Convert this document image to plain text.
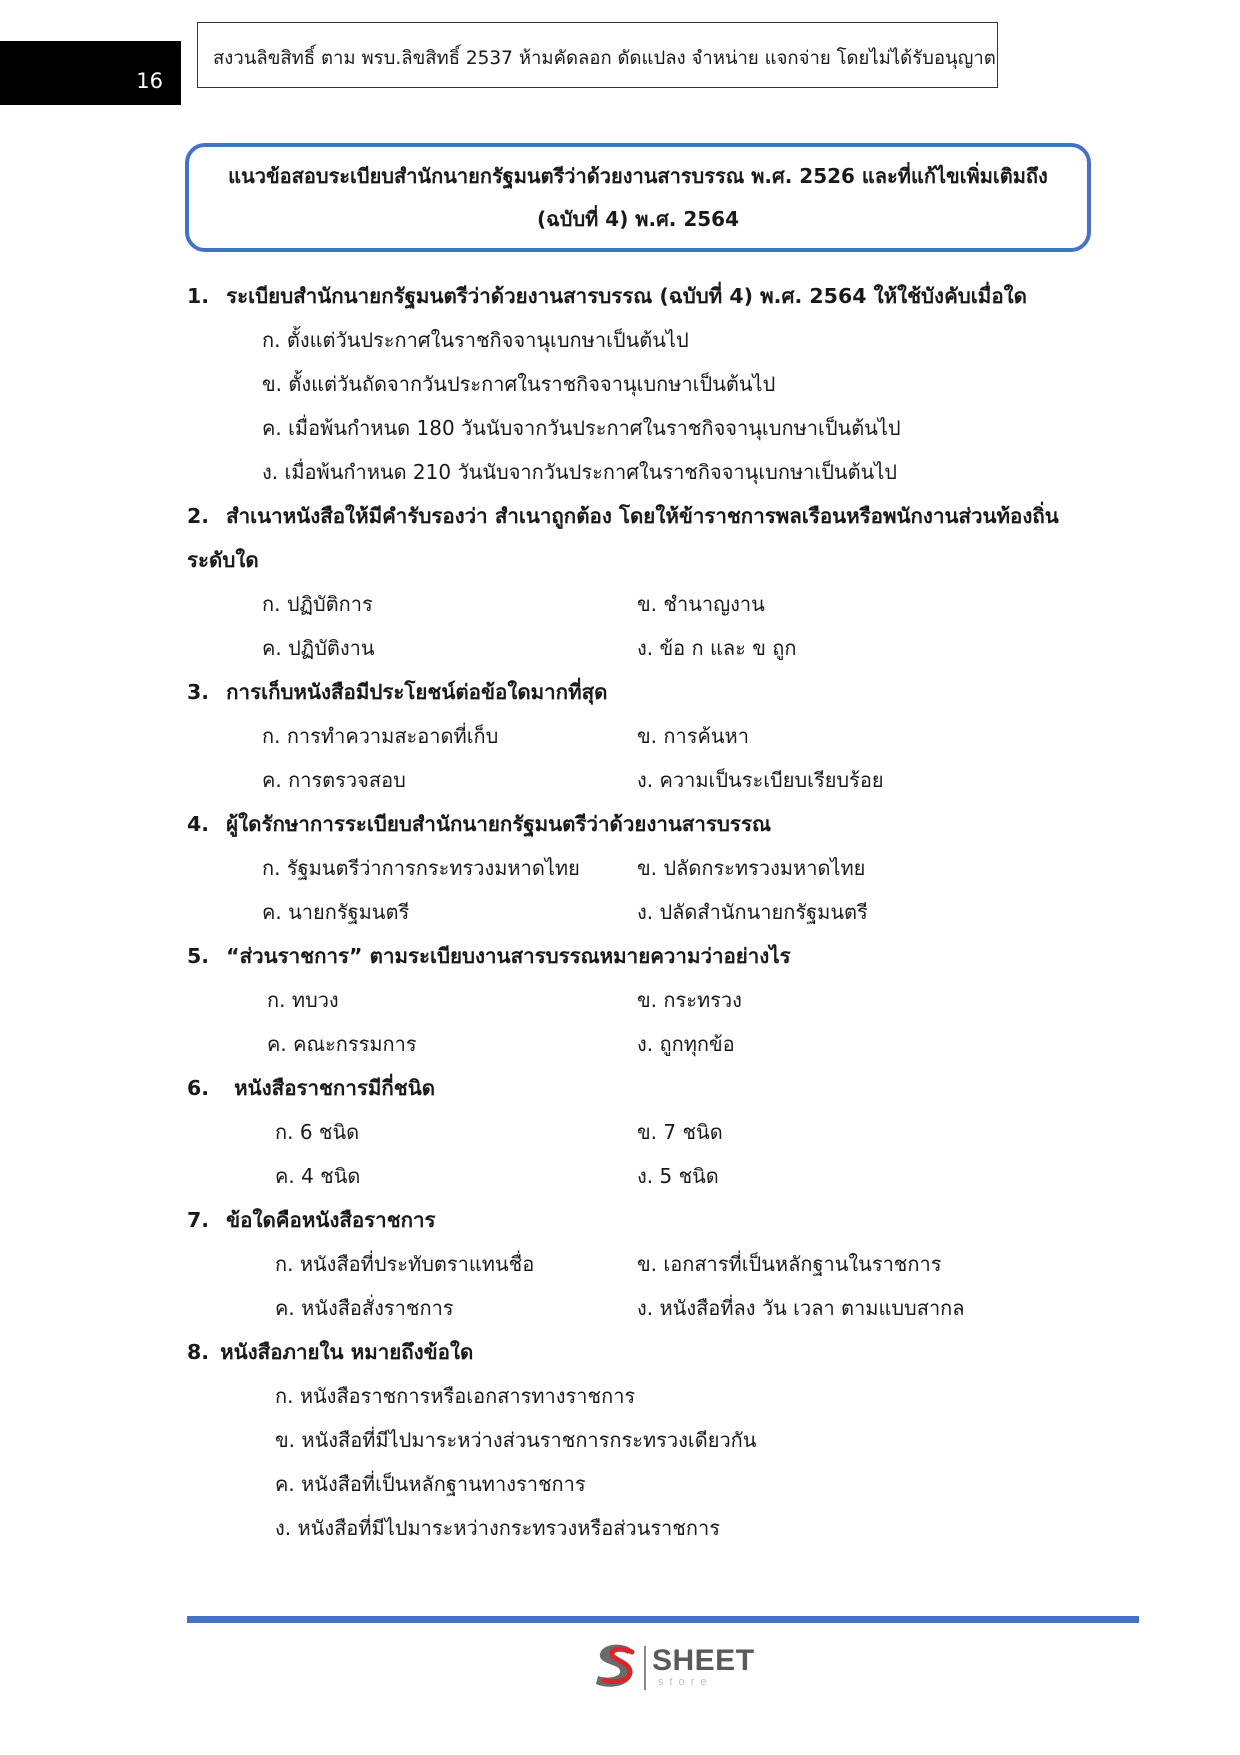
16
สงวนลิขสิทธิ์ ตาม พรบ.ลิขสิทธิ์ 2537 ห้ามคัดลอก ดัดแปลง จำหน่าย แจกจ่าย โดยไม่ได้รับอนุญาต
แนวข้อสอบระเบียบสำนักนายกรัฐมนตรีว่าด้วยงานสารบรรณ พ.ศ. 2526 และที่แก้ไขเพิ่มเติมถึง
(ฉบับที่ 4) พ.ศ. 2564
1. ระเบียบสำนักนายกรัฐมนตรีว่าด้วยงานสารบรรณ (ฉบับที่ 4) พ.ศ. 2564 ให้ใช้บังคับเมื่อใด
ก. ตั้งแต่วันประกาศในราชกิจจานุเบกษาเป็นต้นไป
ข. ตั้งแต่วันถัดจากวันประกาศในราชกิจจานุเบกษาเป็นต้นไป
ค. เมื่อพ้นกำหนด 180 วันนับจากวันประกาศในราชกิจจานุเบกษาเป็นต้นไป
ง. เมื่อพ้นกำหนด 210 วันนับจากวันประกาศในราชกิจจานุเบกษาเป็นต้นไป
2. สำเนาหนังสือให้มีคำรับรองว่า สำเนาถูกต้อง โดยให้ข้าราชการพลเรือนหรือพนักงานส่วนท้องถิ่น
ระดับใด
ก. ปฏิบัติการ	ข. ชำนาญงาน
ค. ปฏิบัติงาน	ง. ข้อ ก และ ข ถูก
3. การเก็บหนังสือมีประโยชน์ต่อข้อใดมากที่สุด
ก. การทำความสะอาดที่เก็บ	ข. การค้นหา
ค. การตรวจสอบ	ง. ความเป็นระเบียบเรียบร้อย
4. ผู้ใดรักษาการระเบียบสำนักนายกรัฐมนตรีว่าด้วยงานสารบรรณ
ก. รัฐมนตรีว่าการกระทรวงมหาดไทย	ข. ปลัดกระทรวงมหาดไทย
ค. นายกรัฐมนตรี	ง. ปลัดสำนักนายกรัฐมนตรี
5. “ส่วนราชการ” ตามระเบียบงานสารบรรณหมายความว่าอย่างไร
ก. ทบวง	ข. กระทรวง
ค. คณะกรรมการ	ง. ถูกทุกข้อ
6. หนังสือราชการมีกี่ชนิด
ก. 6 ชนิด	ข. 7 ชนิด
ค. 4 ชนิด	ง. 5 ชนิด
7. ข้อใดคือหนังสือราชการ
ก. หนังสือที่ประทับตราแทนชื่อ	ข. เอกสารที่เป็นหลักฐานในราชการ
ค. หนังสือสั่งราชการ	ง. หนังสือที่ลง วัน เวลา ตามแบบสากล
8. หนังสือภายใน หมายถึงข้อใด
ก. หนังสือราชการหรือเอกสารทางราชการ
ข. หนังสือที่มีไปมาระหว่างส่วนราชการกระทรวงเดียวกัน
ค. หนังสือที่เป็นหลักฐานทางราชการ
ง. หนังสือที่มีไปมาระหว่างกระทรวงหรือส่วนราชการ
SHEET
store
